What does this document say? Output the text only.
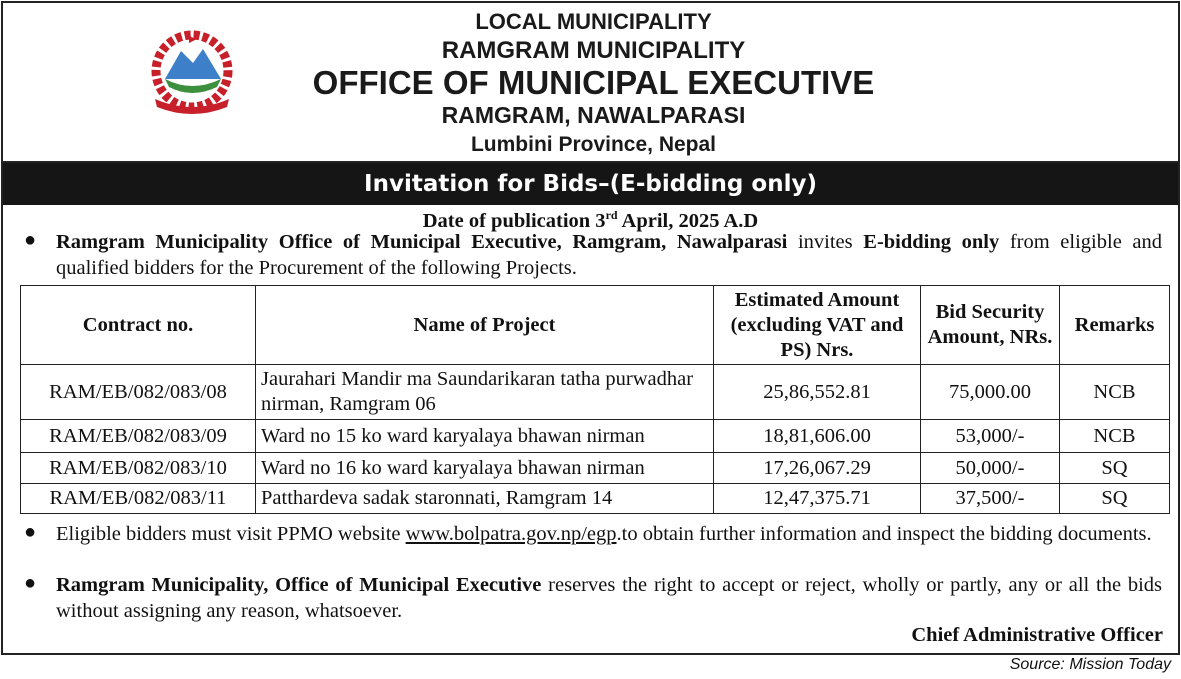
LOCAL MUNICIPALITY
RAMGRAM MUNICIPALITY
OFFICE OF MUNICIPAL EXECUTIVE
RAMGRAM, NAWALPARASI
Lumbini Province, Nepal
Invitation for Bids–(E-bidding only)
Date of publication 3rd April, 2025 A.D
● Ramgram Municipality Office of Municipal Executive, Ramgram, Nawalparasi invites E-bidding only from eligible and qualified bidders for the Procurement of the following Projects.
Contract no.	Name of Project	Estimated Amount (excluding VAT and PS) Nrs.	Bid Security Amount, NRs.	Remarks
RAM/EB/082/083/08	Jaurahari Mandir ma Saundarikaran tatha purwadhar nirman, Ramgram 06	25,86,552.81	75,000.00	NCB
RAM/EB/082/083/09	Ward no 15 ko ward karyalaya bhawan nirman	18,81,606.00	53,000/-	NCB
RAM/EB/082/083/10	Ward no 16 ko ward karyalaya bhawan nirman	17,26,067.29	50,000/-	SQ
RAM/EB/082/083/11	Patthardeva sadak staronnati, Ramgram 14	12,47,375.71	37,500/-	SQ
● Eligible bidders must visit PPMO website www.bolpatra.gov.np/egp.to obtain further information and inspect the bidding documents.
● Ramgram Municipality, Office of Municipal Executive reserves the right to accept or reject, wholly or partly, any or all the bids without assigning any reason, whatsoever.
Chief Administrative Officer
Source: Mission Today
